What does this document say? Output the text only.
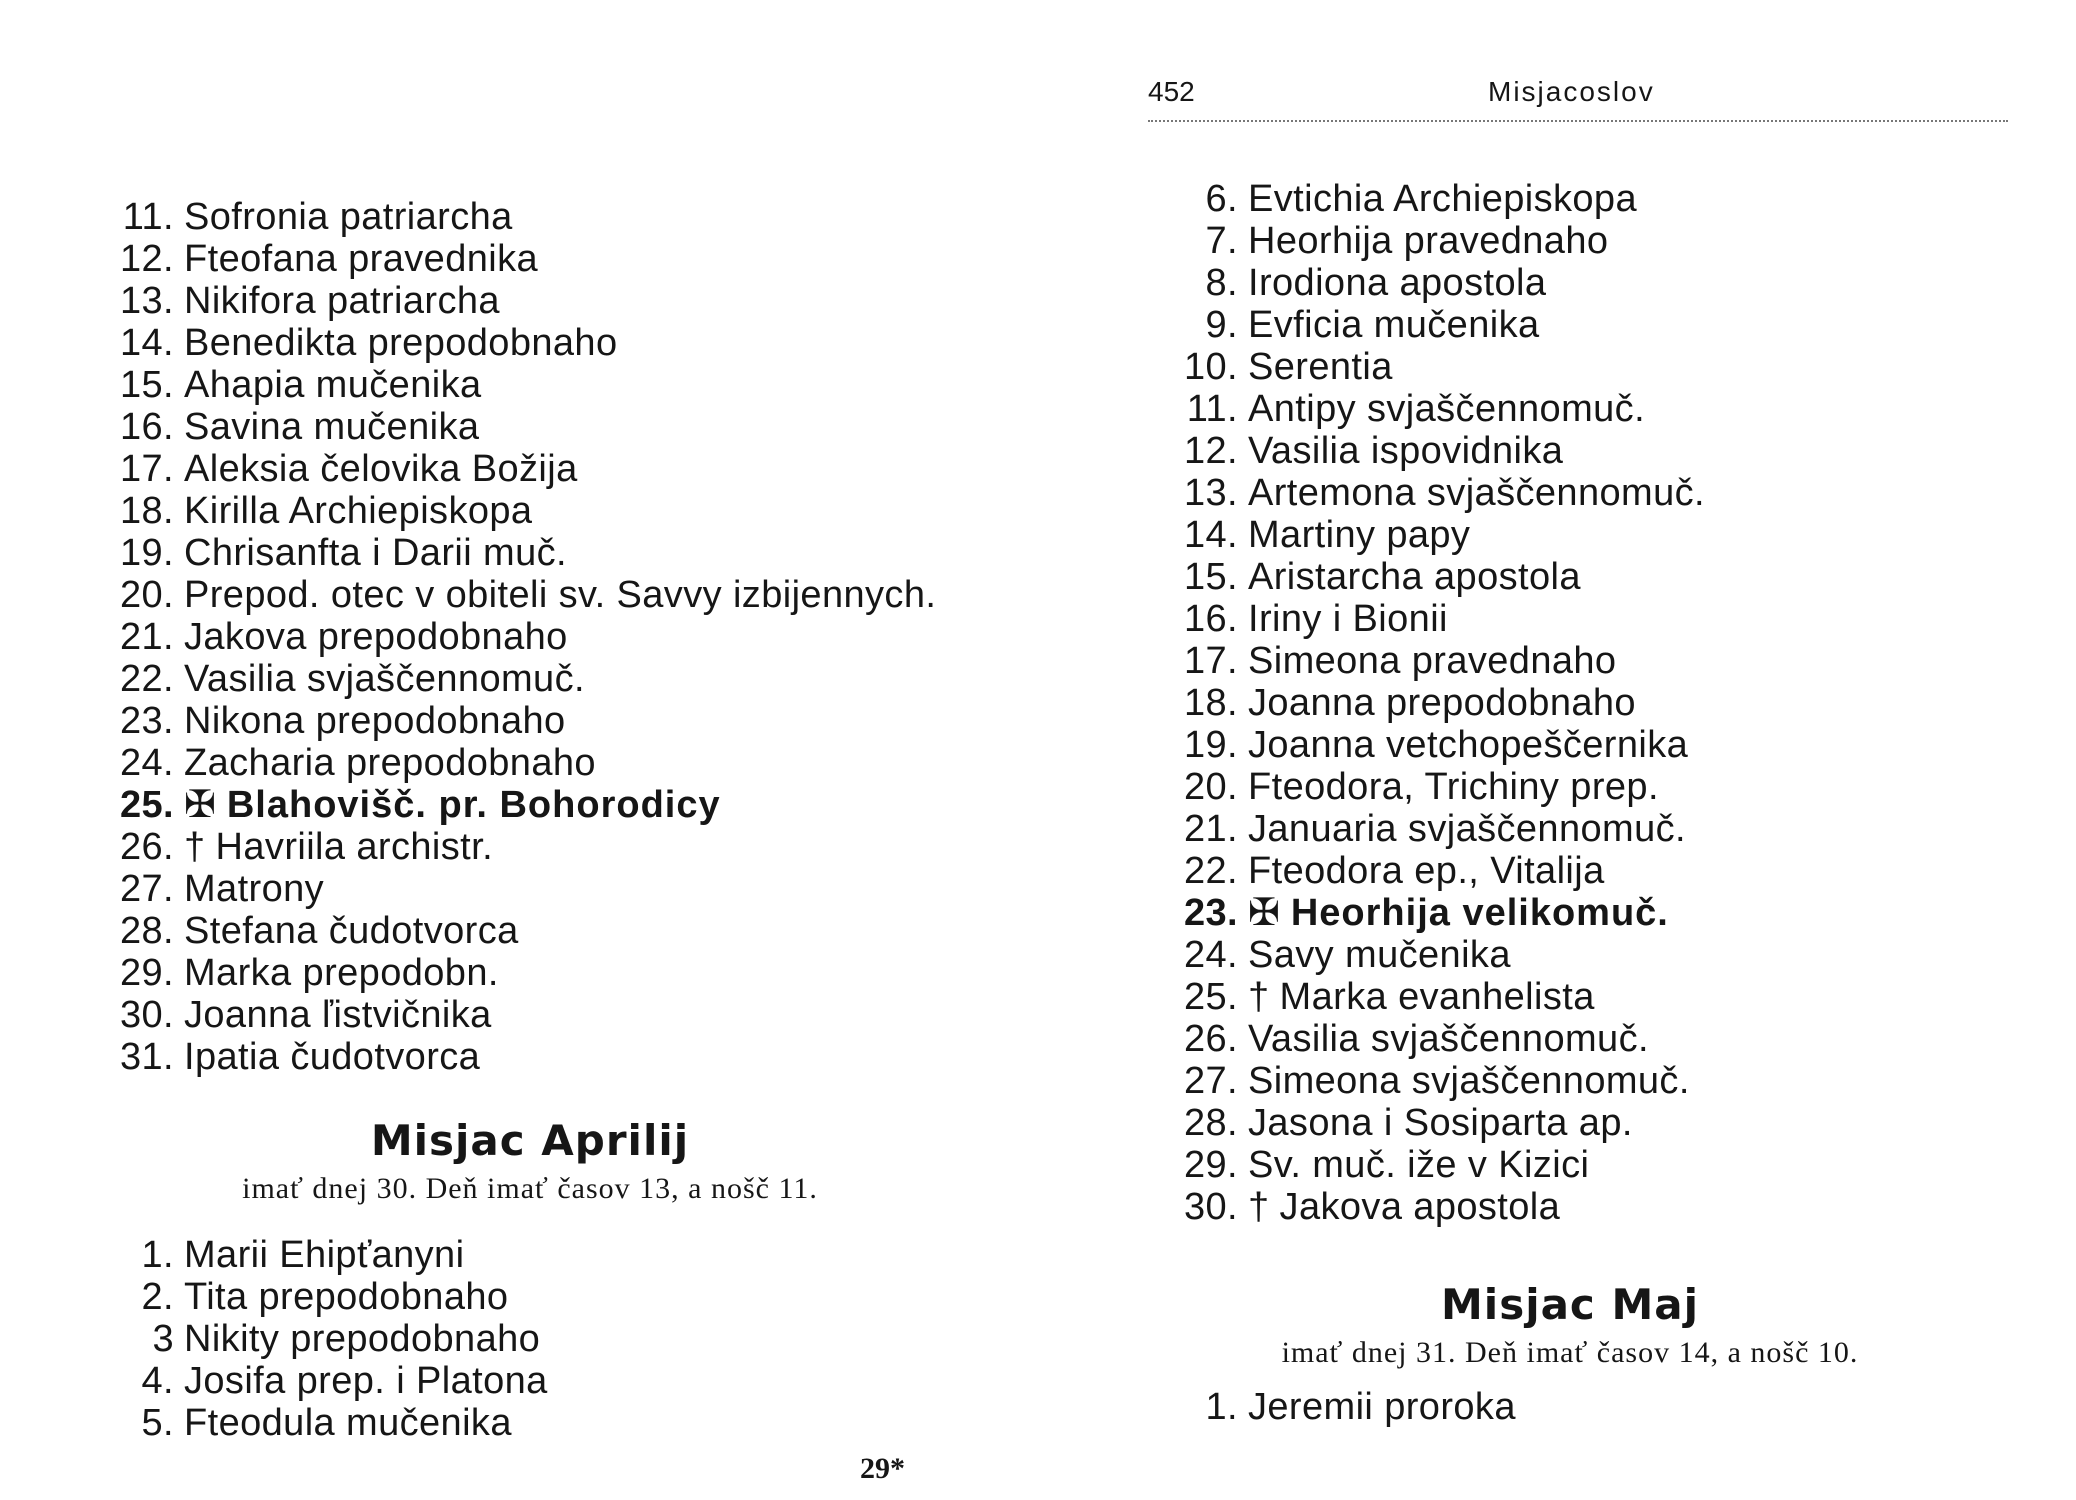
11. Sofronia patriarcha
12. Fteofana pravednika
13. Nikifora patriarcha
14. Benedikta prepodobnaho
15. Ahapia mučenika
16. Savina mučenika
17. Aleksia čelovika Božija
18. Kirilla Archiepiskopa
19. Chrisanfta i Darii muč.
20. Prepod. otec v obiteli sv. Savvy izbijennych.
21. Jakova prepodobnaho
22. Vasilia svjaščennomuč.
23. Nikona prepodobnaho
24. Zacharia prepodobnaho
25. ✠ Blahovišč. pr. Bohorodicy
26. † Havriila archistr.
27. Matrony
28. Stefana čudotvorca
29. Marka prepodobn.
30. Joanna ľistvičnika
31. Ipatia čudotvorca
Misjac Aprilij

imať dnej 30. Deň imať časov 13, a nošč 11.

1. Marii Ehipťanyni
2. Tita prepodobnaho
3 Nikity prepodobnaho
4. Josifa prep. i Platona
5. Fteodula mučenika
29*
6. Evtichia Archiepiskopa
7. Heorhija pravednaho
8. Irodiona apostola
9. Evficia mučenika
10. Serentia
11. Antipy svjaščennomuč.
12. Vasilia ispovidnika
13. Artemona svjaščennomuč.
14. Martiny papy
15. Aristarcha apostola
16. Iriny i Bionii
17. Simeona pravednaho
18. Joanna prepodobnaho
19. Joanna vetchopeščernika
20. Fteodora, Trichiny prep.
21. Januaria svjaščennomuč.
22. Fteodora ep., Vitalija
23. ✠ Heorhija velikomuč.
24. Savy mučenika
25. † Marka evanhelista
26. Vasilia svjaščennomuč.
27. Simeona svjaščennomuč.
28. Jasona i Sosiparta ap.
29. Sv. muč. iže v Kizici
30. † Jakova apostola
Misjac Maj

imať dnej 31. Deň imať časov 14, a nošč 10.

1. Jeremii proroka
452	Misjacoslov
